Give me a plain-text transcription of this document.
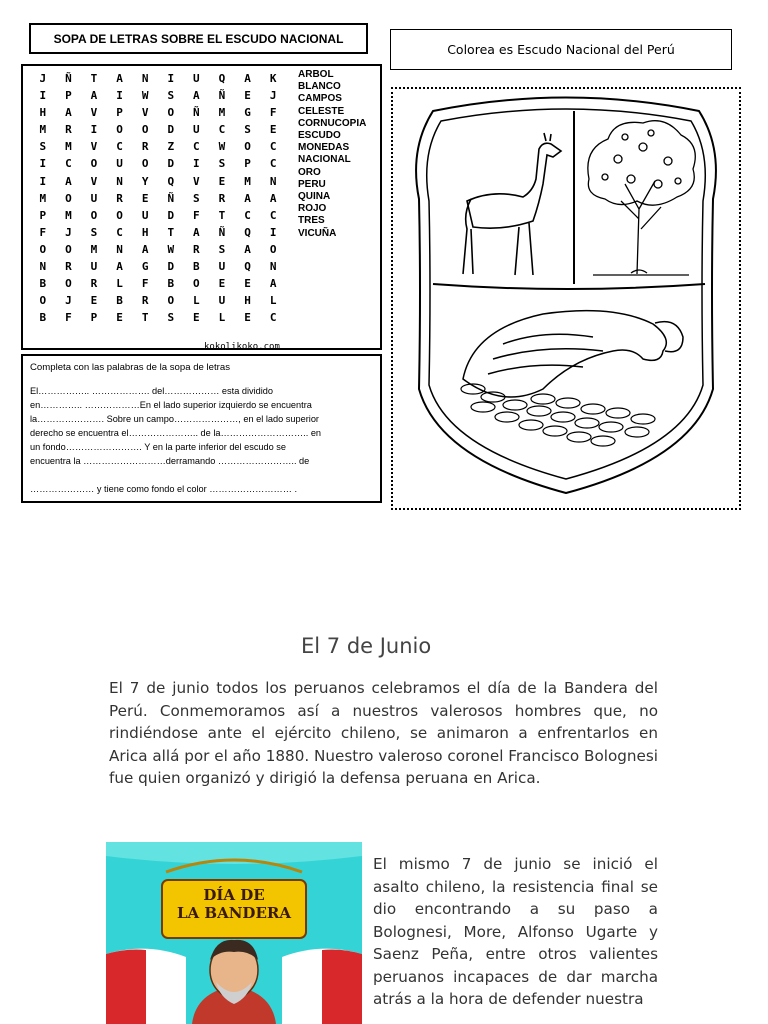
SOPA DE LETRAS SOBRE EL ESCUDO NACIONAL
Colorea es Escudo Nacional del Perú
J	Ñ	T	A	N	I	U	Q	A	K
I	P	A	I	W	S	A	Ñ	E	J
H	A	V	P	V	O	Ñ	M	G	F
M	R	I	O	O	D	U	C	S	E
S	M	V	C	R	Z	C	W	O	C
I	C	O	U	O	D	I	S	P	C
I	A	V	N	Y	Q	V	E	M	N
M	O	U	R	E	Ñ	S	R	A	A
P	M	O	O	U	D	F	T	C	C
F	J	S	C	H	T	A	Ñ	Q	I
O	O	M	N	A	W	R	S	A	O
N	R	U	A	G	D	B	U	Q	N
B	O	R	L	F	B	O	E	E	A
O	J	E	B	R	O	L	U	H	L
B	F	P	E	T	S	E	L	E	C
kokolikoko.com
ARBOL
BLANCO
CAMPOS
CELESTE
CORNUCOPIA
ESCUDO
MONEDAS
NACIONAL
ORO
PERU
QUINA
ROJO
TRES
VICUÑA

Completa con las palabras de la sopa de letras

El…………….. ………………. del……………… esta dividido

en………….. ………………En el lado superior izquierdo se encuentra

la…………………. Sobre un campo…………………, en el lado superior

derecho se encuentra el………………….. de la……………………….. en

un fondo……………………. Y en la parte inferior del escudo se

encuentra la ………………………derramando …………………….. de

………………… y tiene como fondo el color ……………………… .

El 7 de Junio

El 7 de junio todos los peruanos celebramos el día de la Bandera del Perú. Conmemoramos así a nuestros valerosos hombres que, no rindiéndose ante el ejército chileno, se animaron a enfrentarlos en Arica allá por el año 1880. Nuestro valeroso coronel Francisco Bolognesi fue quien organizó y dirigió la defensa peruana en Arica.

DÍA DE
LA BANDERA

El mismo 7 de junio se inició el asalto chileno, la resistencia final se dio encontrando a su paso a Bolognesi, More, Alfonso Ugarte y Saenz Peña, entre otros valientes peruanos incapaces de dar marcha atrás a la hora de defender nuestra
